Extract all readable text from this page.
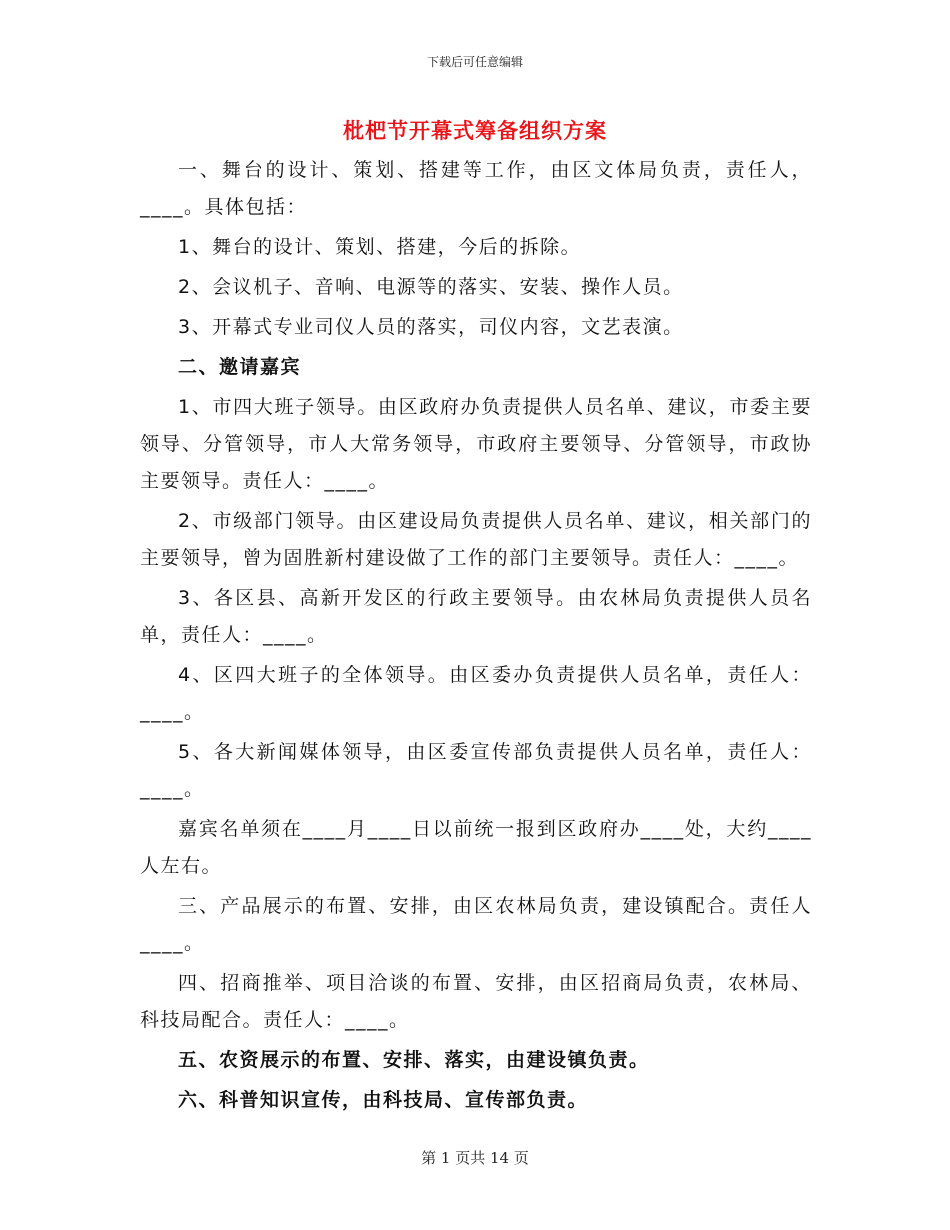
下载后可任意编辑
枇杷节开幕式筹备组织方案

一、舞台的设计、策划、搭建等工作，由区文体局负责，责任人，____。具体包括：

1、舞台的设计、策划、搭建，今后的拆除。

2、会议机子、音响、电源等的落实、安装、操作人员。

3、开幕式专业司仪人员的落实，司仪内容，文艺表演。

二、邀请嘉宾

1、市四大班子领导。由区政府办负责提供人员名单、建议，市委主要领导、分管领导，市人大常务领导，市政府主要领导、分管领导，市政协主要领导。责任人：____。

2、市级部门领导。由区建设局负责提供人员名单、建议，相关部门的主要领导，曾为固胜新村建设做了工作的部门主要领导。责任人：____。

3、各区县、高新开发区的行政主要领导。由农林局负责提供人员名单，责任人：____。

4、区四大班子的全体领导。由区委办负责提供人员名单，责任人：____。

5、各大新闻媒体领导，由区委宣传部负责提供人员名单，责任人：____。

嘉宾名单须在____月____日以前统一报到区政府办____处，大约____人左右。

三、产品展示的布置、安排，由区农林局负责，建设镇配合。责任人____。

四、招商推举、项目洽谈的布置、安排，由区招商局负责，农林局、科技局配合。责任人：____。

五、农资展示的布置、安排、落实，由建设镇负责。

六、科普知识宣传，由科技局、宣传部负责。

第 1 页共 14 页
